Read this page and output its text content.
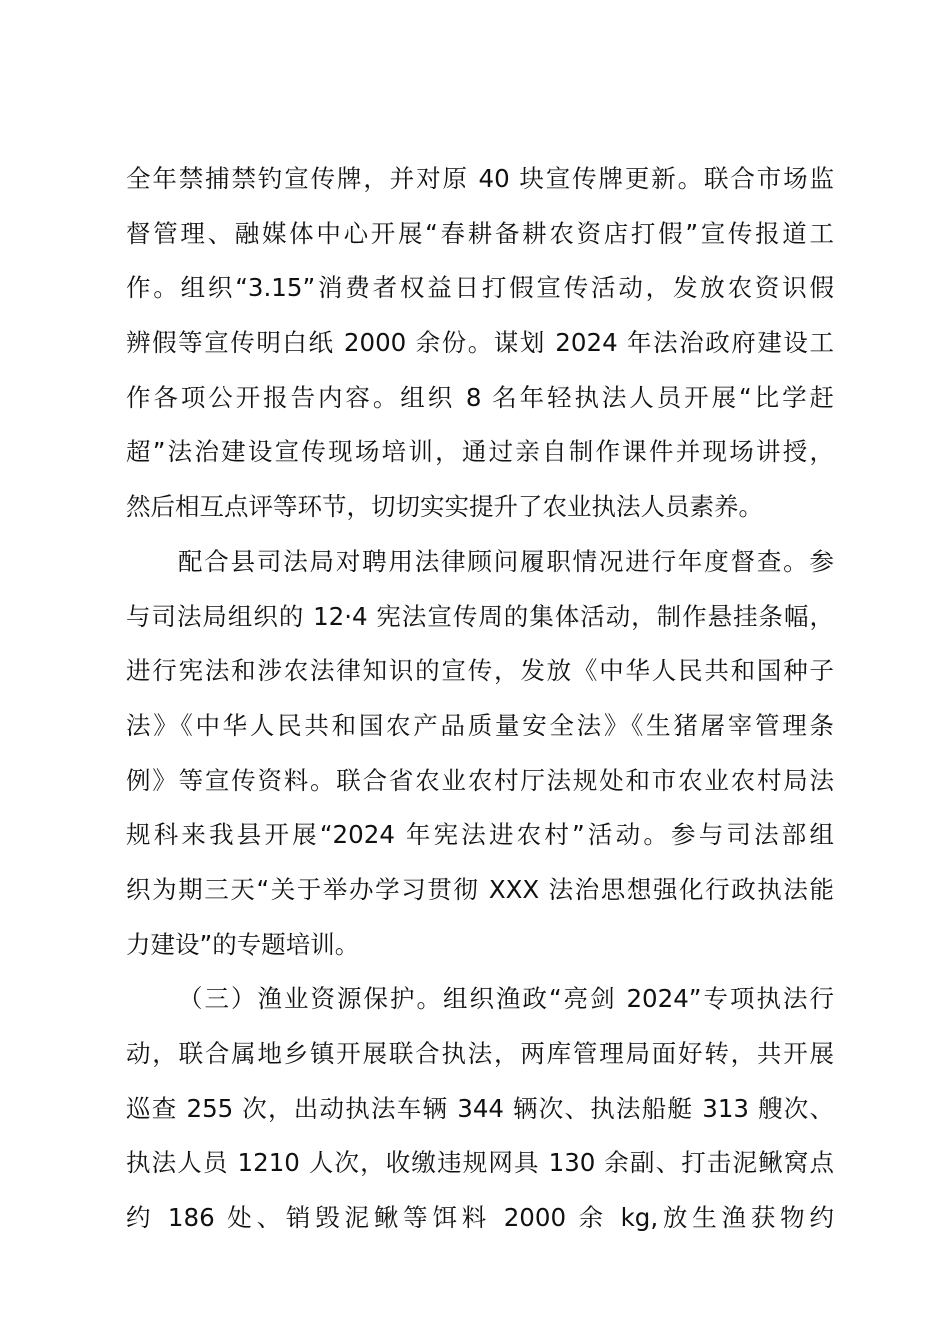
全年禁捕禁钓宣传牌，并对原 40 块宣传牌更新。联合市场监
督管理、融媒体中心开展“春耕备耕农资店打假”宣传报道工
作。组织“3.15”消费者权益日打假宣传活动，发放农资识假
辨假等宣传明白纸 2000 余份。谋划 2024 年法治政府建设工
作各项公开报告内容。组织 8 名年轻执法人员开展“比学赶
超”法治建设宣传现场培训，通过亲自制作课件并现场讲授，
然后相互点评等环节，切切实实提升了农业执法人员素养。
配合县司法局对聘用法律顾问履职情况进行年度督查。参
与司法局组织的 12·4 宪法宣传周的集体活动，制作悬挂条幅，
进行宪法和涉农法律知识的宣传，发放《中华人民共和国种子
法》《中华人民共和国农产品质量安全法》《生猪屠宰管理条
例》等宣传资料。联合省农业农村厅法规处和市农业农村局法
规科来我县开展“2024 年宪法进农村”活动。参与司法部组
织为期三天“关于举办学习贯彻 XXX 法治思想强化行政执法能
力建设”的专题培训。
（三）渔业资源保护。组织渔政“亮剑 2024”专项执法行
动，联合属地乡镇开展联合执法，两库管理局面好转，共开展
巡查 255 次，出动执法车辆 344 辆次、执法船艇 313 艘次、
执法人员 1210 人次，收缴违规网具 130 余副、打击泥鳅窝点
约 186 处、销毁泥鳅等饵料 2000 余 kg,放生渔获物约
